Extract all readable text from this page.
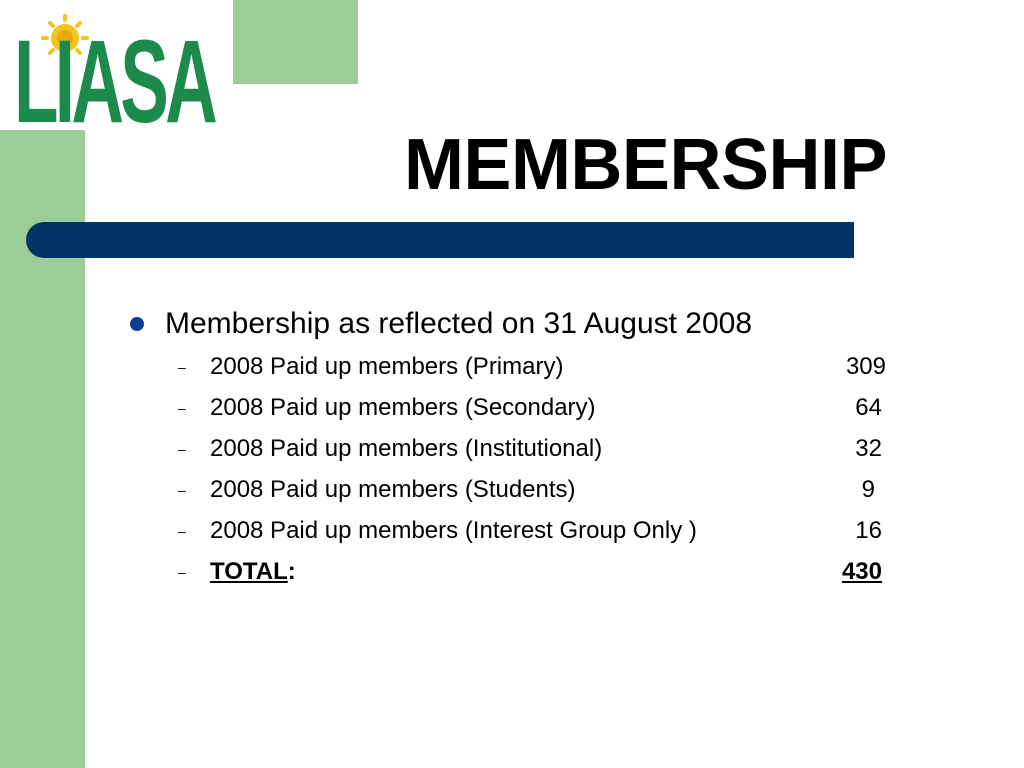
LIASA
MEMBERSHIP
Membership as reflected on 31 August 2008
– 2008 Paid up members (Primary)	309
– 2008 Paid up members (Secondary)	64
– 2008 Paid up members (Institutional)	32
– 2008 Paid up members (Students)	9
– 2008 Paid up members (Interest Group Only )	16
– TOTAL:	430
